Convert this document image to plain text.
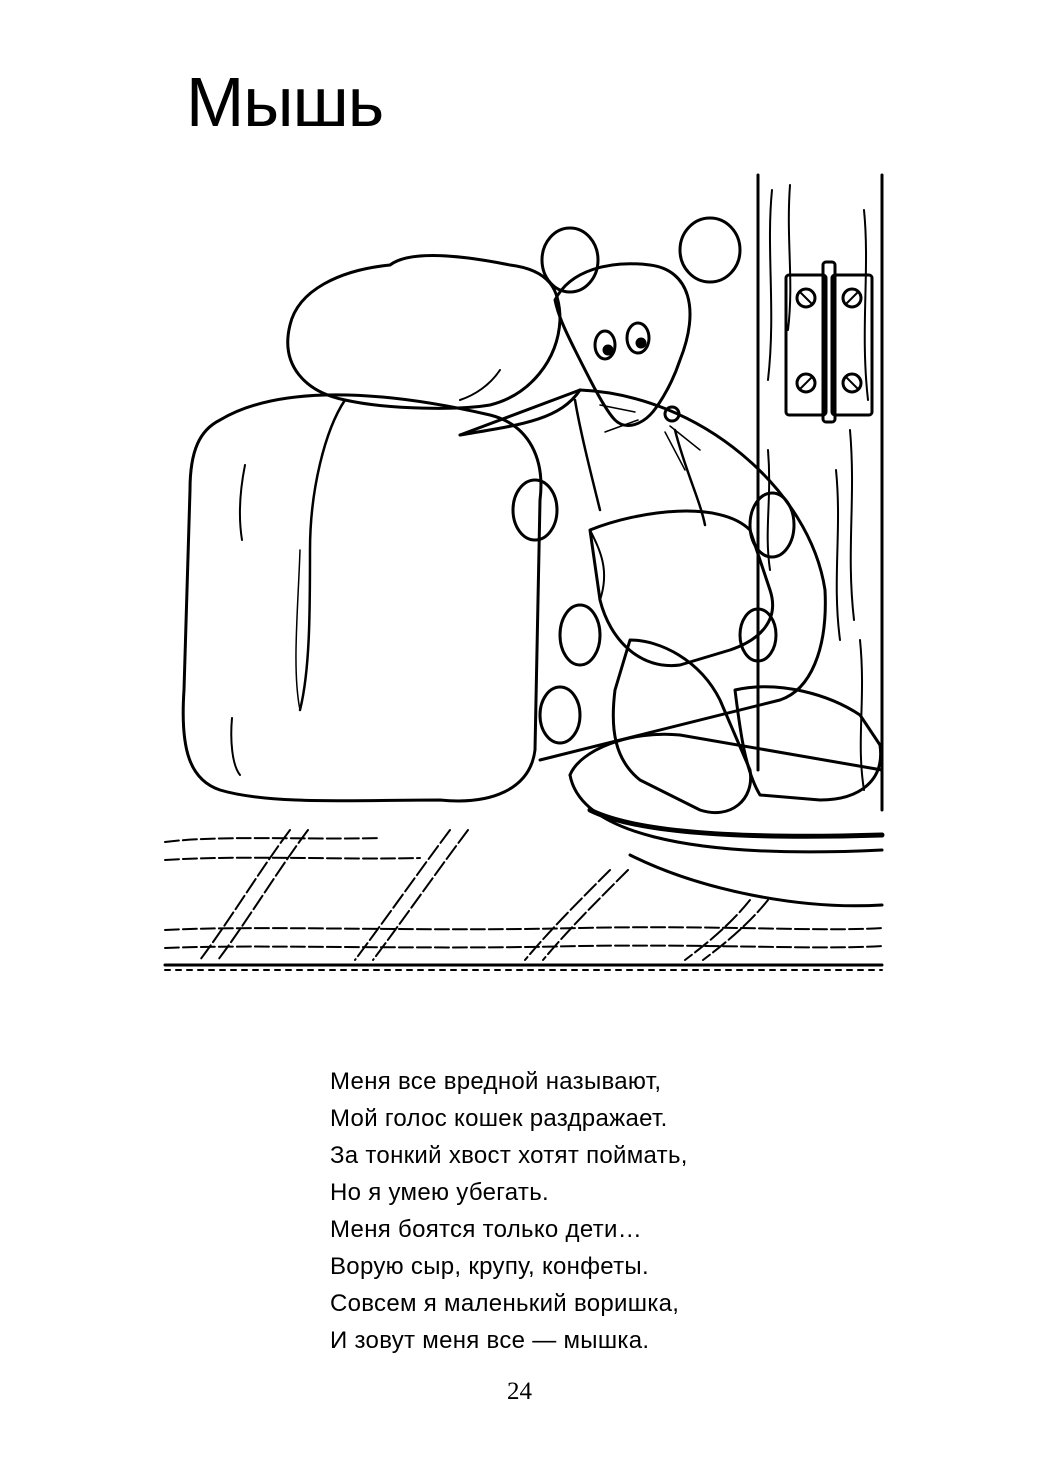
Мышь
Меня все вредной называют,
Мой голос кошек раздражает.
За тонкий хвост хотят поймать,
Но я умею убегать.
Меня боятся только дети…
Ворую сыр, крупу, конфеты.
Совсем я маленький воришка,
И зовут меня все — мышка.
24
